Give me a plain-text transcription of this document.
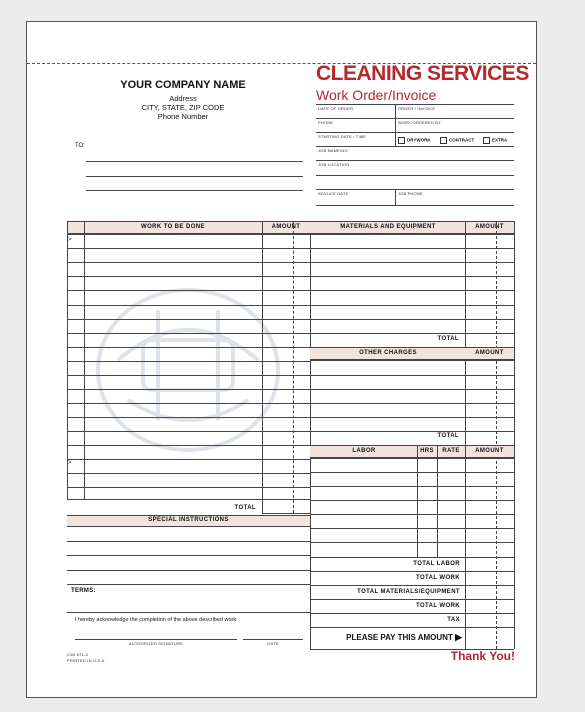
YOUR COMPANY NAME
Address
CITY, STATE, ZIP CODE
Phone Number
TO:
CLEANING SERVICES
Work Order/Invoice
DATE OF ORDER	ORDER / INVOICE
PHONE	WORK ORDERED BY
STARTING DATE / TIME
DRYWORK	CONTRACT	EXTRA
JOB NAME/NO
JOB LOCATION
INVOICE DATE	JOB PHONE
WORK TO BE DONE	AMOUNT
>
>
TOTAL
SPECIAL INSTRUCTIONS
TERMS:
I hereby acknowledge the completion of the above described work:
AUTHORIZED SIGNATURE	DATE
MATERIALS AND EQUIPMENT	AMOUNT
TOTAL
OTHER CHARGES	AMOUNT
TOTAL
LABOR	HRS	RATE	AMOUNT
TOTAL LABOR
TOTAL WORK
TOTAL MATERIALS/EQUIPMENT
TOTAL WORK
TAX
PLEASE PAY THIS AMOUNT ▶
CWI 871-3
PRINTED IN U.S.A.	Thank You!
